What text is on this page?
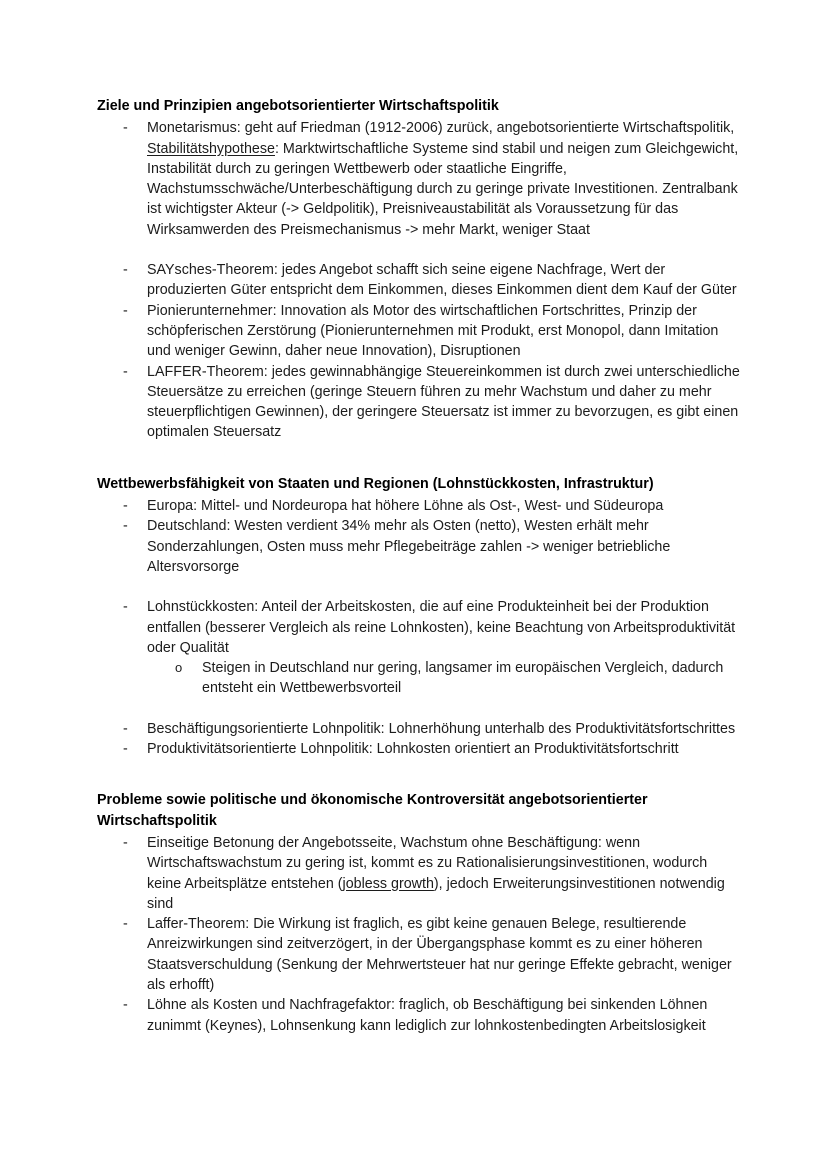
Ziele und Prinzipien angebotsorientierter Wirtschaftspolitik
-	Monetarismus: geht auf Friedman (1912-2006) zurück, angebotsorientierte Wirtschaftspolitik, Stabilitätshypothese: Marktwirtschaftliche Systeme sind stabil und neigen zum Gleichgewicht, Instabilität durch zu geringen Wettbewerb oder staatliche Eingriffe, Wachstumsschwäche/Unterbeschäftigung durch zu geringe private Investitionen. Zentralbank ist wichtigster Akteur (-> Geldpolitik), Preisniveaustabilität als Voraussetzung für das Wirksamwerden des Preismechanismus -> mehr Markt, weniger Staat
-	SAYsches-Theorem: jedes Angebot schafft sich seine eigene Nachfrage, Wert der produzierten Güter entspricht dem Einkommen, dieses Einkommen dient dem Kauf der Güter
-	Pionierunternehmer: Innovation als Motor des wirtschaftlichen Fortschrittes, Prinzip der schöpferischen Zerstörung (Pionierunternehmen mit Produkt, erst Monopol, dann Imitation und weniger Gewinn, daher neue Innovation), Disruptionen
-	LAFFER-Theorem: jedes gewinnabhängige Steuereinkommen ist durch zwei unterschiedliche Steuersätze zu erreichen (geringe Steuern führen zu mehr Wachstum und daher zu mehr steuerpflichtigen Gewinnen), der geringere Steuersatz ist immer zu bevorzugen, es gibt einen optimalen Steuersatz
Wettbewerbsfähigkeit von Staaten und Regionen (Lohnstückkosten, Infrastruktur)
-	Europa: Mittel- und Nordeuropa hat höhere Löhne als Ost-, West- und Südeuropa
-	Deutschland: Westen verdient 34% mehr als Osten (netto), Westen erhält mehr Sonderzahlungen, Osten muss mehr Pflegebeiträge zahlen -> weniger betriebliche Altersvorsorge
-	Lohnstückkosten: Anteil der Arbeitskosten, die auf eine Produkteinheit bei der Produktion entfallen (besserer Vergleich als reine Lohnkosten), keine Beachtung von Arbeitsproduktivität oder Qualität
o	Steigen in Deutschland nur gering, langsamer im europäischen Vergleich, dadurch entsteht ein Wettbewerbsvorteil
-	Beschäftigungsorientierte Lohnpolitik: Lohnerhöhung unterhalb des Produktivitätsfortschrittes
-	Produktivitätsorientierte Lohnpolitik: Lohnkosten orientiert an Produktivitätsfortschritt
Probleme sowie politische und ökonomische Kontroversität angebotsorientierter Wirtschaftspolitik
-	Einseitige Betonung der Angebotsseite, Wachstum ohne Beschäftigung: wenn Wirtschaftswachstum zu gering ist, kommt es zu Rationalisierungsinvestitionen, wodurch keine Arbeitsplätze entstehen (jobless growth), jedoch Erweiterungsinvestitionen notwendig sind
-	Laffer-Theorem: Die Wirkung ist fraglich, es gibt keine genauen Belege, resultierende Anreizwirkungen sind zeitverzögert, in der Übergangsphase kommt es zu einer höheren Staatsverschuldung (Senkung der Mehrwertsteuer hat nur geringe Effekte gebracht, weniger als erhofft)
-	Löhne als Kosten und Nachfragefaktor: fraglich, ob Beschäftigung bei sinkenden Löhnen zunimmt (Keynes), Lohnsenkung kann lediglich zur lohnkostenbedingten Arbeitslosigkeit
